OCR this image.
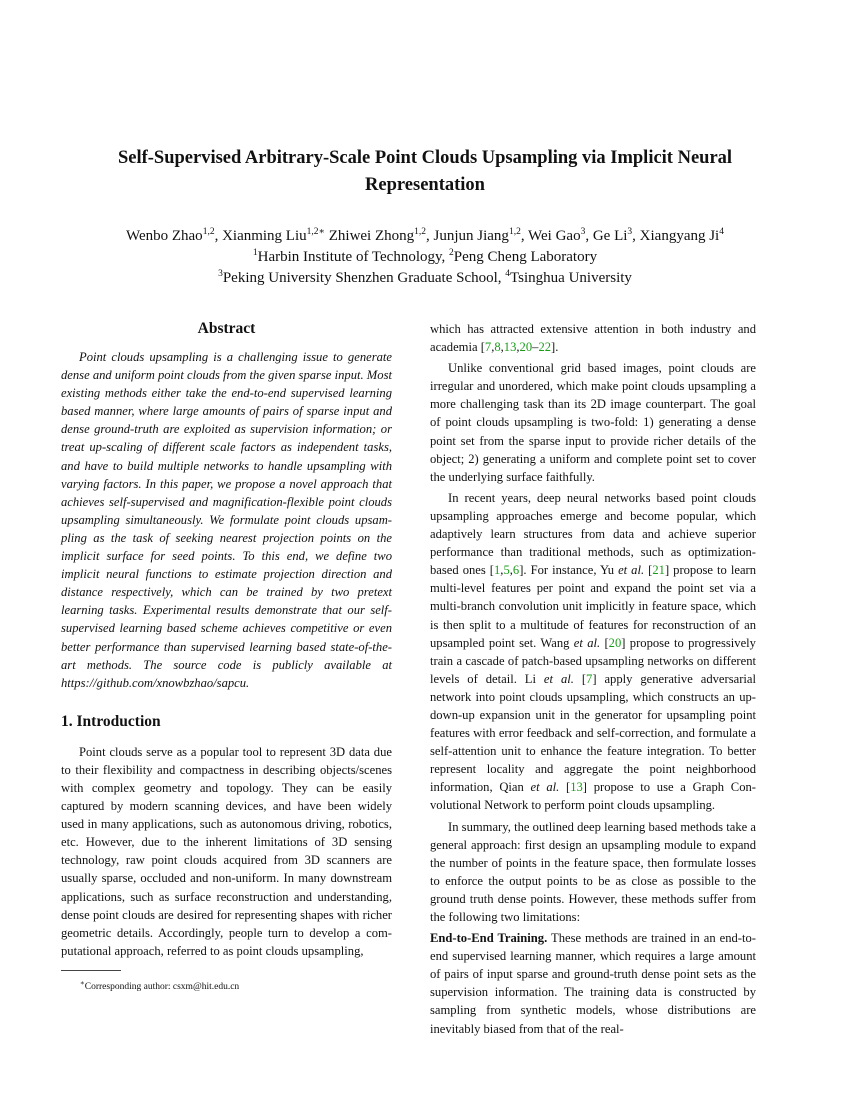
Self-Supervised Arbitrary-Scale Point Clouds Upsampling via Implicit Neural
Representation
Wenbo Zhao$^{1,2}$, Xianming Liu$^{1,2∗}$ Zhiwei Zhong$^{1,2}$, Junjun Jiang$^{1,2}$, Wei Gao$^3$, Ge Li$^3$, Xiangyang Ji$^4$
$^1$Harbin Institute of Technology, $^2$Peng Cheng Laboratory
$^3$Peking University Shenzhen Graduate School, $^4$Tsinghua University
Abstract

Point clouds upsampling is a challenging issue to generate dense and uniform point clouds from the given sparse input. Most existing methods either take the end-to-end supervised learning based manner, where large amounts of pairs of sparse input and dense ground-truth are exploited as supervision information; or treat up-scaling of different scale factors as independent tasks, and have to build multiple networks to handle upsampling with varying factors. In this paper, we propose a novel approach that achieves self-supervised and magnification-flexible point clouds upsampling simultaneously. We formulate point clouds upsampling as the task of seeking nearest projection points on the implicit surface for seed points. To this end, we define two implicit neural functions to estimate projection direction and distance respectively, which can be trained by two pretext learning tasks. Experimental results demonstrate that our self-supervised learning based scheme achieves competitive or even better performance than supervised learning based state-of-the-art methods. The source code is publicly available at https://github.com/xnowbzhao/sapcu.

1. Introduction

Point clouds serve as a popular tool to represent 3D data due to their flexibility and compactness in describing objects/scenes with complex geometry and topology. They can be easily captured by modern scanning devices, and have been widely used in many applications, such as autonomous driving, robotics, etc. However, due to the inherent limitations of 3D sensing technology, raw point clouds acquired from 3D scanners are usually sparse, occluded and non-uniform. In many downstream applications, such as surface reconstruction and understanding, dense point clouds are desired for representing shapes with richer geometric details. Accordingly, people turn to develop a computational approach, referred to as point clouds upsampling,

which has attracted extensive attention in both industry and academia [7,8,13,20–22].

Unlike conventional grid based images, point clouds are irregular and unordered, which make point clouds upsampling a more challenging task than its 2D image counterpart. The goal of point clouds upsampling is two-fold: 1) generating a dense point set from the sparse input to provide richer details of the object; 2) generating a uniform and complete point set to cover the underlying surface faithfully.

In recent years, deep neural networks based point clouds upsampling approaches emerge and become popular, which adaptively learn structures from data and achieve superior performance than traditional methods, such as optimization-based ones [1,5,6]. For instance, Yu et al. [21] propose to learn multi-level features per point and expand the point set via a multi-branch convolution unit implicitly in feature space, which is then split to a multitude of features for reconstruction of an upsampled point set. Wang et al. [20] propose to progressively train a cascade of patch-based upsampling networks on different levels of detail. Li et al. [7] apply generative adversarial network into point clouds upsampling, which constructs an up-down-up expansion unit in the generator for upsampling point features with error feedback and self-correction, and formulate a self-attention unit to enhance the feature integration. To better represent locality and aggregate the point neighborhood information, Qian et al. [13] propose to use a Graph Convolutional Network to perform point clouds upsampling.

In summary, the outlined deep learning based methods take a general approach: first design an upsampling module to expand the number of points in the feature space, then formulate losses to enforce the output points to be as close as possible to the ground truth dense points. However, these methods suffer from the following two limitations:

End-to-End Training. These methods are trained in an end-to-end supervised learning manner, which requires a large amount of pairs of input sparse and ground-truth dense point sets as the supervision information. The training data is constructed by sampling from synthetic models, whose distributions are inevitably biased from that of the real-

∗Corresponding author: csxm@hit.edu.cn
